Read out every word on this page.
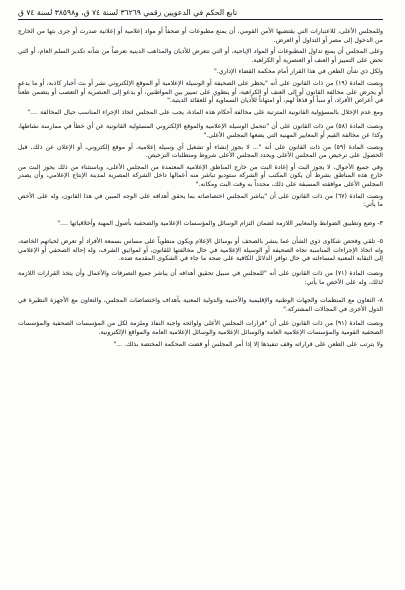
تابع الحكم في الدعويين رقمي ٣٦٢٦٩ لسنة ٧٤ ق، و٣٨٥٩٨ لسنة ٧٤ ق

وللمجلس الأعلى، للاعتبارات التي يقتضيها الأمن القومي، أن يمنع مطبوعات أو صحفاً أو مواد إعلامية أو إعلانية صدرت أو جرى بثها من الخارج من الدخول إلى مصر أو التداول أو العرض.

وعلى المجلس أن يمنع تداول المطبوعات أو المواد الإباحية، أو التي تتعرض للأديان والمذاهب الدينية تعرضاً من شأنه تكدير السلم العام، أو التي تحض على التمييز أو العنف أو العنصرية أو الكراهية.

ولكل ذي شأن الطعن في هذا القرار أمام محكمة القضاء الإداري."

ونصت المادة (١٩) من ذات القانون على أنه "يحظر على الصحيفة أو الوسيلة الإعلامية أو الموقع الإلكتروني نشر أو بث أخبار كاذبة، أو ما يدعو أو يحرض على مخالفة القانون أو إلى العنف أو الكراهية، أو ينطوي على تمييز بين المواطنين، أو يدعو إلى العنصرية أو التعصب أو يتضمن طعناً في أعراض الأفراد، أو سباً أو قذفاً لهم، أو امتهاناً للأديان السماوية أو للعقائد الدينية."

ومع عدم الإخلال بالمسؤولية القانونية المترتبة على مخالفة أحكام هذه المادة، يجب على المجلس اتخاذ الإجراء المناسب حيال المخالفة ...."

ونصت المادة (٥٨) من ذات القانون على أن "تتحمل الوسيلة الإعلامية والموقع الإلكتروني المسئولية القانونية عن أي خطأ في ممارسة نشاطها، وكذا عن مخالفة القيم أو المعايير المهنية التي يضعها المجلس الأعلى."

ونصت المادة (٥٩) من ذات القانون على أنه "... لا يجوز إنشاء أو تشغيل أي وسيلة إعلامية، أو موقع إلكتروني، أو الإعلان عن ذلك، قبل الحصول على ترخيص من المجلس الأعلى ويحدد المجلس الأعلى شروط ومتطلبات الترخيص.

وفي جميع الأحوال، لا يجوز البث أو إعادة البث من خارج المناطق الإعلامية المعتمدة من المجلس الأعلى، وباستثناء من ذلك يجوز البث من خارج هذه المناطق بشرط أن يكون المكتب أو الشركة ستوديو تباشر منه أعمالها داخل الشركة المصرية لمدينة الإنتاج الإعلامي، وأن يصدر المجلس الأعلى موافقته المسبقة على ذلك، محدداً به وقت البث ومكانه."

ونصت المادة (٦٧) من ذات القانون على أن "يباشر المجلس اختصاصاته بما يحقق أهدافه على الوجه المبين في هذا القانون، وله على الأخص ما يأتي:

٣- وضع وتطبيق الضوابط والمعايير اللازمة لضمان التزام الوسائل والمؤسسات الإعلامية والصحفية بأصول المهنة وأخلاقياتها ...."

٥- تلقي وفحص شكاوى ذوي الشأن عما ينشر بالصحف أو بوسائل الإعلام ويكون منطوياً على مساس بسمعة الأفراد أو تعرض لحياتهم الخاصة، وله اتخاذ الإجراءات المناسبة تجاه الصحيفة أو الوسيلة الإعلامية في حال مخالفتها للقانون، أو لمواثيق الشرف، وله إحالة الصحفي أو الإعلامي إلى النقابة المعنية لمساءلته في حال توافر الدلائل الكافية على صحة ما جاء في الشكوى المقدمة ضده.

ونصت المادة (٧١) من ذات القانون على أنه "للمجلس في سبيل تحقيق أهدافه أن يباشر جميع التصرفات والأعمال وأن يتخذ القرارات اللازمة لذلك، وله على الأخص ما يأتي:

٨- التعاون مع المنظمات والجهات الوطنية والإقليمية والأجنبية والدولية المعنية بأهداف واختصاصات المجلس، والتعاون مع الأجهزة النظيرة في الدول الأخرى في المجالات المشتركة."

ونصت المادة (٩١) من ذات القانون على أن "قرارات المجلس الأعلى ولوائحه واجبة النفاذ وملزمة لكل من المؤسسات الصحفية والمؤسسات الصحفية القومية والمؤسسات الإعلامية العامة والوسائل الإعلامية والوسائل الإعلامية العامة والمواقع الإلكترونية.

ولا يترتب على الطعن على قراراته وقف تنفيذها إلا إذا أمر المجلس أو قضت المحكمة المختصة بذلك. ..."
